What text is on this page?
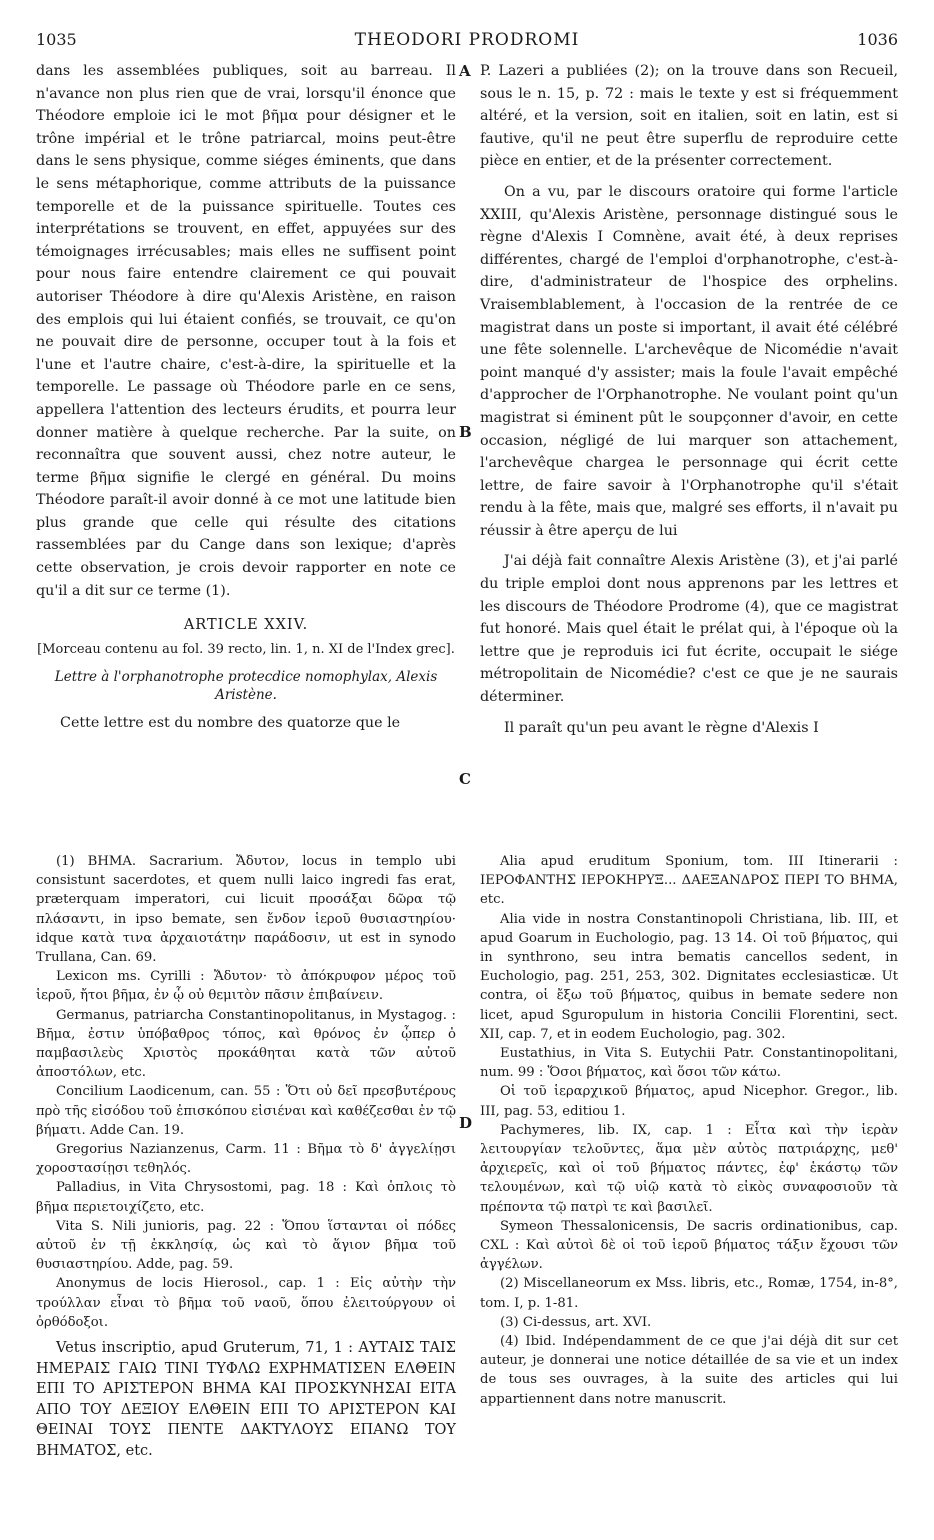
1035	THEODORI PRODROMI	1036
A
B
C
D

dans les assemblées publiques, soit au barreau. Il n'avance non plus rien que de vrai, lorsqu'il énonce que Théodore emploie ici le mot βῆμα pour désigner et le trône impérial et le trône patriarcal, moins peut-être dans le sens physique, comme siéges éminents, que dans le sens métaphorique, comme attributs de la puissance temporelle et de la puissance spirituelle. Toutes ces interprétations se trouvent, en effet, appuyées sur des témoignages irrécusables; mais elles ne suffisent point pour nous faire entendre clairement ce qui pouvait autoriser Théodore à dire qu'Alexis Aristène, en raison des emplois qui lui étaient confiés, se trouvait, ce qu'on ne pouvait dire de personne, occuper tout à la fois et l'une et l'autre chaire, c'est-à-dire, la spirituelle et la temporelle. Le passage où Théodore parle en ce sens, appellera l'attention des lecteurs érudits, et pourra leur donner matière à quelque recherche. Par la suite, on reconnaîtra que souvent aussi, chez notre auteur, le terme βῆμα signifie le clergé en général. Du moins Théodore paraît-il avoir donné à ce mot une latitude bien plus grande que celle qui résulte des citations rassemblées par du Cange dans son lexique; d'après cette observation, je crois devoir rapporter en note ce qu'il a dit sur ce terme (1).

ARTICLE XXIV.

[Morceau contenu au fol. 39 recto, lin. 1, n. XI de l'Index grec].

Lettre à l'orphanotrophe protecdice nomophylax, Alexis Aristène.

Cette lettre est du nombre des quatorze que le

P. Lazeri a publiées (2); on la trouve dans son Recueil, sous le n. 15, p. 72 : mais le texte y est si fréquemment altéré, et la version, soit en italien, soit en latin, est si fautive, qu'il ne peut être superflu de reproduire cette pièce en entier, et de la présenter correctement.

On a vu, par le discours oratoire qui forme l'article XXIII, qu'Alexis Aristène, personnage distingué sous le règne d'Alexis I Comnène, avait été, à deux reprises différentes, chargé de l'emploi d'orphanotrophe, c'est-à-dire, d'administrateur de l'hospice des orphelins. Vraisemblablement, à l'occasion de la rentrée de ce magistrat dans un poste si important, il avait été célébré une fête solennelle. L'archevêque de Nicomédie n'avait point manqué d'y assister; mais la foule l'avait empêché d'approcher de l'Orphanotrophe. Ne voulant point qu'un magistrat si éminent pût le soupçonner d'avoir, en cette occasion, négligé de lui marquer son attachement, l'archevêque chargea le personnage qui écrit cette lettre, de faire savoir à l'Orphanotrophe qu'il s'était rendu à la fête, mais que, malgré ses efforts, il n'avait pu réussir à être aperçu de lui

J'ai déjà fait connaître Alexis Aristène (3), et j'ai parlé du triple emploi dont nous apprenons par les lettres et les discours de Théodore Prodrome (4), que ce magistrat fut honoré. Mais quel était le prélat qui, à l'époque où la lettre que je reproduis ici fut écrite, occupait le siége métropolitain de Nicomédie? c'est ce que je ne saurais déterminer.

Il paraît qu'un peu avant le règne d'Alexis I

(1) ΒΗΜΑ. Sacrarium. Ἄδυτον, locus in templo ubi consistunt sacerdotes, et quem nulli laico ingredi fas erat, præterquam imperatori, cui licuit προσάξαι δῶρα τῷ πλάσαντι, in ipso bemate, sen ἔνδον ἱεροῦ θυσιαστηρίου· idque κατὰ τινα ἀρχαιοτάτην παράδοσιν, ut est in synodo Trullana, Can. 69.

Lexicon ms. Cyrilli : Ἄδυτον· τὸ ἀπόκρυφον μέρος τοῦ ἱεροῦ, ἤτοι βῆμα, ἐν ᾧ οὐ θεμιτὸν πᾶσιν ἐπιβαίνειν.

Germanus, patriarcha Constantinopolitanus, in Mystagog. : Βῆμα, ἐστιν ὑπόβαθρος τόπος, καὶ θρόνος ἐν ᾧπερ ὁ παμβασιλεὺς Χριστὸς προκάθηται κατὰ τῶν αὐτοῦ ἀποστόλων, etc.

Concilium Laodicenum, can. 55 : Ὅτι οὐ δεῖ πρεσβυτέρους πρὸ τῆς εἰσόδου τοῦ ἐπισκόπου εἰσιέναι καὶ καθέζεσθαι ἐν τῷ βήματι. Adde Can. 19.

Gregorius Nazianzenus, Carm. 11 : Βῆμα τὸ δ' ἀγγελίῃσι χοροστασίῃσι τεθηλός.

Palladius, in Vita Chrysostomi, pag. 18 : Καὶ ὁπλοις τὸ βῆμα περιετοιχίζετο, etc.

Vita S. Nili junioris, pag. 22 : Ὅπου ἵστανται οἱ πόδες αὐτοῦ ἐν τῇ ἐκκλησίᾳ, ὡς καὶ τὸ ἅγιον βῆμα τοῦ θυσιαστηρίου. Adde, pag. 59.

Anonymus de locis Hierosol., cap. 1 : Εἰς αὐτὴν τὴν τρούλλαν εἶναι τὸ βῆμα τοῦ ναοῦ, ὅπου ἐλειτούργουν οἱ ὀρθόδοξοι.

Vetus inscriptio, apud Gruterum, 71, 1 : ΑΥΤΑΙΣ ΤΑΙΣ ΗΜΕΡΑΙΣ ΓΑΙΩ ΤΙΝΙ ΤΥΦΛΩ ΕΧΡΗΜΑΤΙΣΕΝ ΕΛΘΕΙΝ ΕΠΙ ΤΟ ΑΡΙΣΤΕΡΟΝ ΒΗΜΑ ΚΑΙ ΠΡΟΣΚΥΝΗΣΑΙ ΕΙΤΑ ΑΠΟ ΤΟΥ ΔΕΞΙΟΥ ΕΛΘΕΙΝ ΕΠΙ ΤΟ ΑΡΙΣΤΕΡΟΝ ΚΑΙ ΘΕΙΝΑΙ ΤΟΥΣ ΠΕΝΤΕ ΔΑΚΤΥΛΟΥΣ ΕΠΑΝΩ ΤΟΥ ΒΗΜΑΤΟΣ, etc.

Alia apud eruditum Sponium, tom. III Itinerarii : ΙΕΡΟΦΑΝΤΗΣ ΙΕΡΟΚΗΡΥΞ... ΔΑΕΞΑΝΔΡΟΣ ΠΕΡΙ ΤΟ ΒΗΜΑ, etc.

Alia vide in nostra Constantinopoli Christiana, lib. III, et apud Goarum in Euchologio, pag. 13 14. Οἱ τοῦ βήματος, qui in synthrono, seu intra bematis cancellos sedent, in Euchologio, pag. 251, 253, 302. Dignitates ecclesiasticæ. Ut contra, οἱ ἔξω τοῦ βήματος, quibus in bemate sedere non licet, apud Sguropulum in historia Concilii Florentini, sect. XII, cap. 7, et in eodem Euchologio, pag. 302.

Eustathius, in Vita S. Eutychii Patr. Constantinopolitani, num. 99 : Ὅσοι βήματος, καὶ ὅσοι τῶν κάτω.

Οἱ τοῦ ἱεραρχικοῦ βήματος, apud Nicephor. Gregor., lib. III, pag. 53, editiou 1.

Pachymeres, lib. IX, cap. 1 : Εἶτα καὶ τὴν ἱερὰν λειτουργίαν τελοῦντες, ἅμα μὲν αὐτὸς πατριάρχης, μεθ' ἀρχιερεῖς, καὶ οἱ τοῦ βήματος πάντες, ἐφ' ἑκάστῳ τῶν τελουμένων, καὶ τῷ υἱῷ κατὰ τὸ εἰκὸς συναφοσιοῦν τὰ πρέποντα τῷ πατρὶ τε καὶ βασιλεῖ.

Symeon Thessalonicensis, De sacris ordinationibus, cap. CXL : Καὶ αὐτοὶ δὲ οἱ τοῦ ἱεροῦ βήματος τάξιν ἔχουσι τῶν ἀγγέλων.

(2) Miscellaneorum ex Mss. libris, etc., Romæ, 1754, in-8°, tom. I, p. 1-81.

(3) Ci-dessus, art. XVI.

(4) Ibid. Indépendamment de ce que j'ai déjà dit sur cet auteur, je donnerai une notice détaillée de sa vie et un index de tous ses ouvrages, à la suite des articles qui lui appartiennent dans notre manuscrit.
